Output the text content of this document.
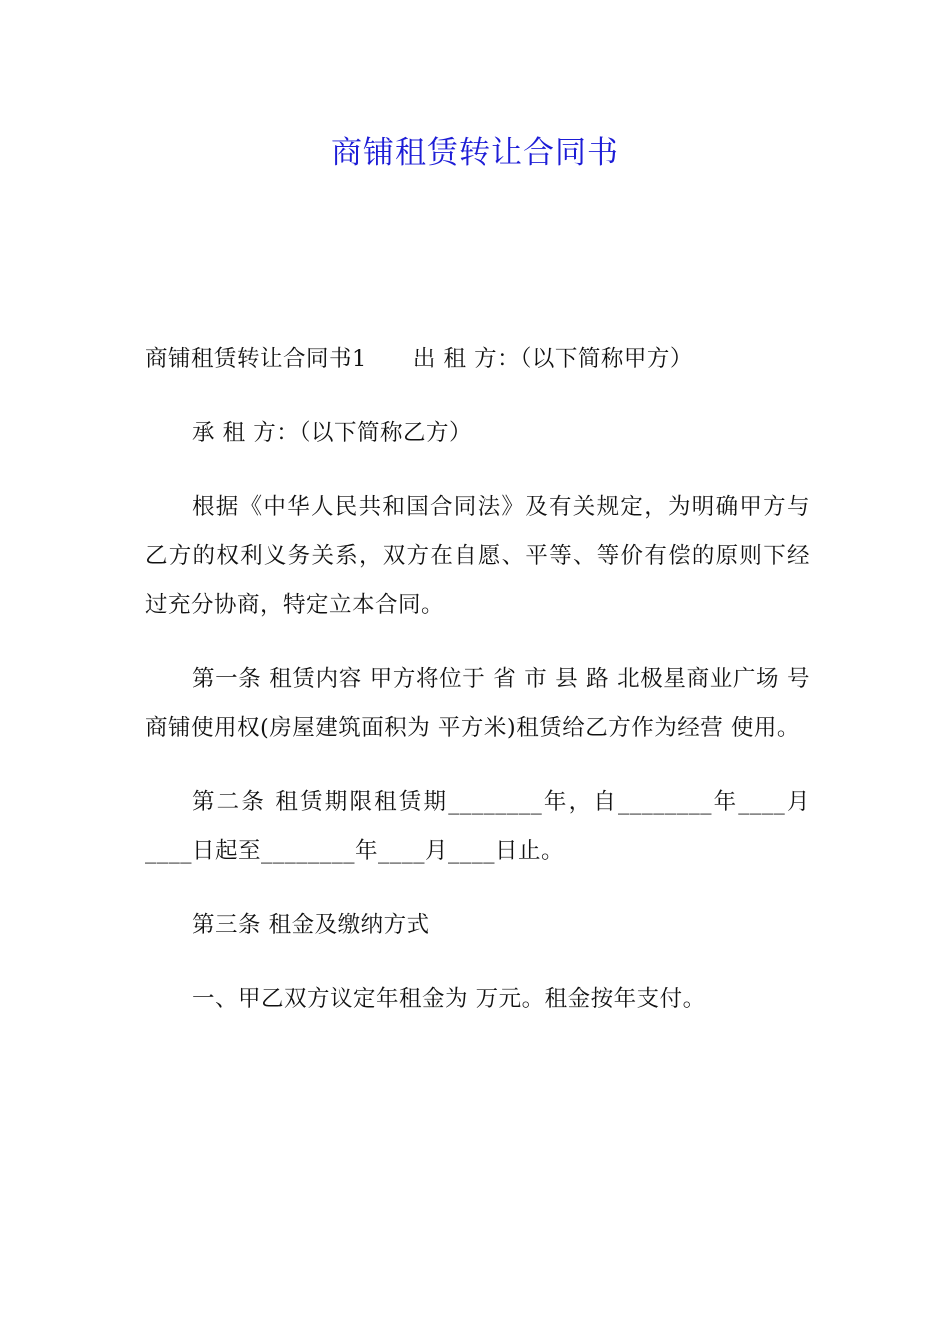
商铺租赁转让合同书

商铺租赁转让合同书1 出 租 方：（以下简称甲方）

承 租 方：（以下简称乙方）

根据《中华人民共和国合同法》及有关规定，为明确甲方与乙方的权利义务关系，双方在自愿、平等、等价有偿的原则下经过充分协商，特定立本合同。

第一条 租赁内容 甲方将位于 省 市 县 路 北极星商业广场 号商铺使用权(房屋建筑面积为 平方米)租赁给乙方作为经营 使用。

第二条 租赁期限租赁期________年，自________年____月____日起至________年____月____日止。

第三条 租金及缴纳方式

一、甲乙双方议定年租金为 万元。租金按年支付。
